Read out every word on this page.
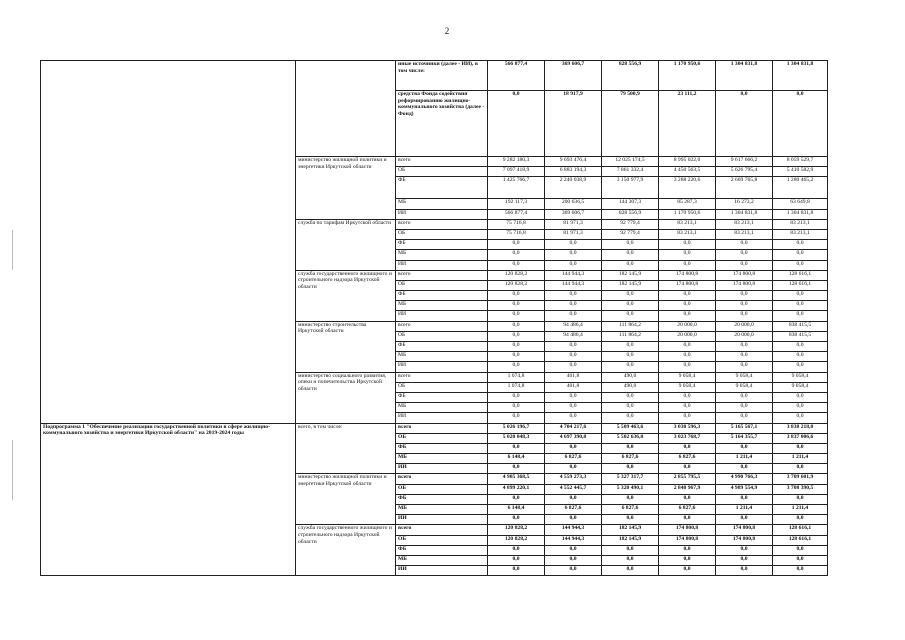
2
		иные источники (далее - ИИ), в том числе:	566 877,4	369 606,7	828 556,9	1 170 950,6	1 304 831,8	1 304 831,8
		средства Фонда содействия реформированию жилищно-коммунального хозяйства (далее - Фонд)	0,0	18 917,9	79 500,9	23 111,2	0,0	0,0
	министерство жилищной политики и энергетики Иркутской области	всего	9 282 180,3	9 693 476,4	12 025 174,5	8 995 022,0	9 617 666,2	8 059 529,7
		ОБ	7 097 418,9	6 883 194,3	7 861 332,4	4 450 563,5	5 626 795,4	5 410 582,9
		ФБ	1 425 766,7	2 240 038,9	3 150 977,9	3 288 220,6	2 669 765,8	1 280 465,2
		МБ	192 117,3	200 636,5	144 307,3	85 287,3	16 273,2	63 649,8
		ИИ	566 877,4	369 606,7	828 556,9	1 170 950,6	1 304 831,8	1 304 831,8
	служба по тарифам Иркутской области	всего	75 716,8	81 971,3	92 779,4	83 213,1	83 213,1	83 213,1
		ОБ	75 716,8	81 971,3	92 779,4	83 213,1	83 213,1	83 213,1
		ФБ	0,0	0,0	0,0	0,0	0,0	0,0
		МБ	0,0	0,0	0,0	0,0	0,0	0,0
		ИИ	0,0	0,0	0,0	0,0	0,0	0,0
	служба государственного жилищного и строительного надзора Иркутской области	всего	120 828,2	144 944,3	182 145,9	174 800,8	174 800,8	128 616,1
		ОБ	120 828,2	144 944,3	182 145,9	174 800,8	174 800,8	128 616,1
		ФБ	0,0	0,0	0,0	0,0	0,0	0,0
		МБ	0,0	0,0	0,0	0,0	0,0	0,0
		ИИ	0,0	0,0	0,0	0,0	0,0	0,0
	министерство строительства Иркутской области	всего	0,0	94 486,4	111 864,2	20 000,0	20 000,0	838 415,5
		ОБ	0,0	94 486,4	111 864,2	20 000,0	20 000,0	838 415,5
		ФБ	0,0	0,0	0,0	0,0	0,0	0,0
		МБ	0,0	0,0	0,0	0,0	0,0	0,0
		ИИ	0,0	0,0	0,0	0,0	0,0	0,0
	министерство социального развития, опеки и попечительства Иркутской области	всего	1 074,8	401,8	490,0	9 058,4	9 058,4	9 058,4
		ОБ	1 074,8	401,8	490,0	9 058,4	9 058,4	9 058,4
		ФБ	0,0	0,0	0,0	0,0	0,0	0,0
		МБ	0,0	0,0	0,0	0,0	0,0	0,0
		ИИ	0,0	0,0	0,0	0,0	0,0	0,0
Подпрограмма 1 "Обеспечение реализации государственной политики в сфере жилищно-коммунального хозяйства и энергетики Иркутской области" на 2019-2024 годы	всего, в том числе:	всего	5 026 196,7	4 704 217,6	5 509 463,6	3 030 596,3	5 165 567,1	3 838 218,0
		ОБ	5 020 048,3	4 697 390,0	5 502 636,0	3 023 768,7	5 164 355,7	3 837 006,6
		ФБ	0,0	0,0	0,0	0,0	0,0	0,0
		МБ	6 148,4	6 827,6	6 827,6	6 827,6	1 211,4	1 211,4
		ИИ	0,0	0,0	0,0	0,0	0,0	0,0
	министерство жилищной политики и энергетики Иркутской области	всего	4 905 368,5	4 559 273,3	5 327 317,7	2 855 795,5	4 990 766,3	3 709 601,9
		ОБ	4 899 220,1	4 552 445,7	5 320 490,1	2 848 967,9	4 989 554,9	3 708 390,5
		ФБ	0,0	0,0	0,0	0,0	0,0	0,0
		МБ	6 148,4	6 827,6	6 827,6	6 827,6	1 211,4	1 211,4
		ИИ	0,0	0,0	0,0	0,0	0,0	0,0
	служба государственного жилищного и строительного надзора Иркутской области	всего	120 828,2	144 944,3	182 145,9	174 800,8	174 800,8	128 616,1
		ОБ	120 828,2	144 944,3	182 145,9	174 800,8	174 800,8	128 616,1
		ФБ	0,0	0,0	0,0	0,0	0,0	0,0
		МБ	0,0	0,0	0,0	0,0	0,0	0,0
		ИИ	0,0	0,0	0,0	0,0	0,0	0,0
